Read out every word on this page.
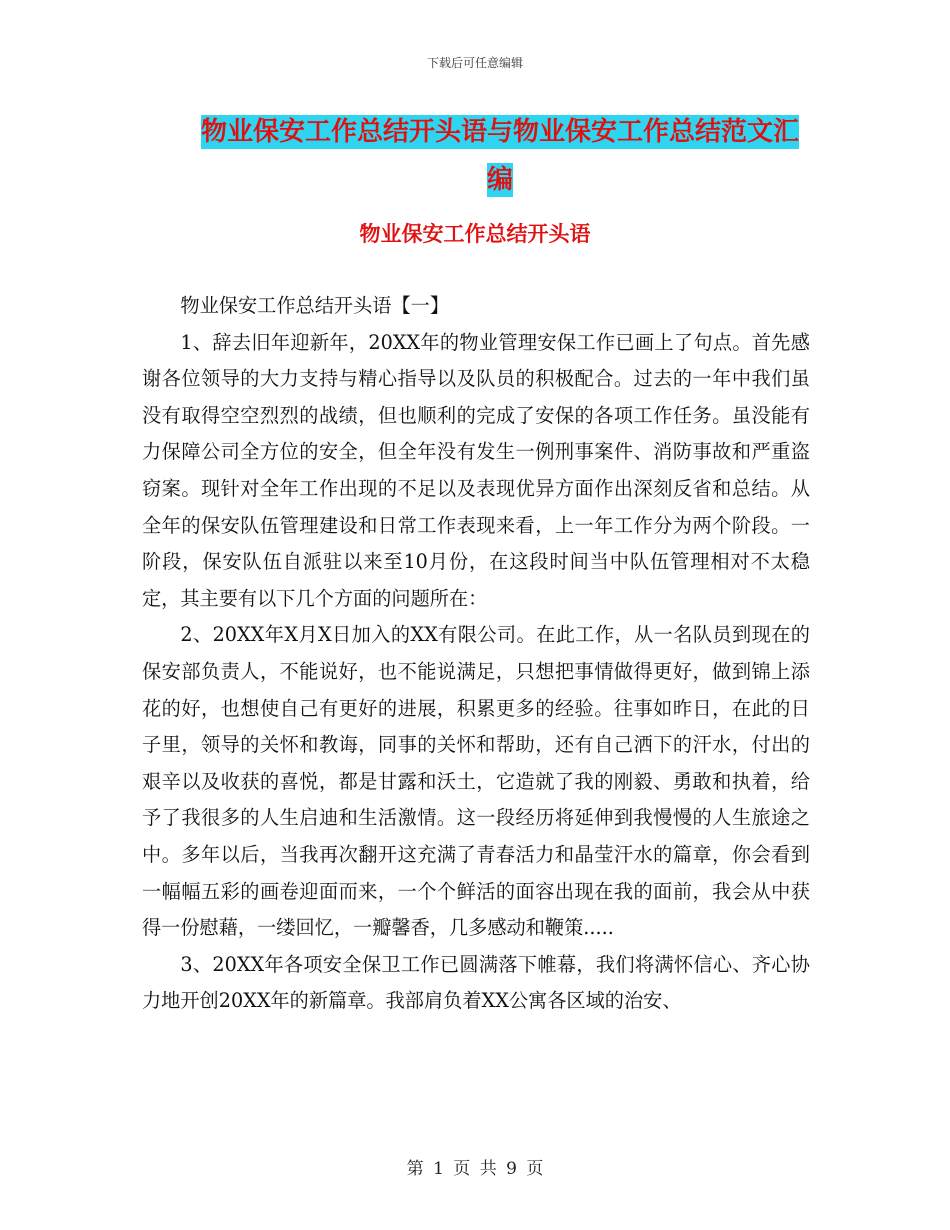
下载后可任意编辑
物业保安工作总结开头语与物业保安工作总结范文汇编
物业保安工作总结开头语

物业保安工作总结开头语【一】

1、辞去旧年迎新年，20XX年的物业管理安保工作已画上了句点。首先感谢各位领导的大力支持与精心指导以及队员的积极配合。过去的一年中我们虽没有取得空空烈烈的战绩，但也顺利的完成了安保的各项工作任务。虽没能有力保障公司全方位的安全，但全年没有发生一例刑事案件、消防事故和严重盗窃案。现针对全年工作出现的不足以及表现优异方面作出深刻反省和总结。从全年的保安队伍管理建设和日常工作表现来看，上一年工作分为两个阶段。一阶段，保安队伍自派驻以来至10月份，在这段时间当中队伍管理相对不太稳定，其主要有以下几个方面的问题所在：

2、20XX年X月X日加入的XX有限公司。在此工作，从一名队员到现在的保安部负责人，不能说好，也不能说满足，只想把事情做得更好，做到锦上添花的好，也想使自己有更好的进展，积累更多的经验。往事如昨日，在此的日子里，领导的关怀和教诲，同事的关怀和帮助，还有自己洒下的汗水，付出的艰辛以及收获的喜悦，都是甘露和沃土，它造就了我的刚毅、勇敢和执着，给予了我很多的人生启迪和生活激情。这一段经历将延伸到我慢慢的人生旅途之中。多年以后，当我再次翻开这充满了青春活力和晶莹汗水的篇章，你会看到一幅幅五彩的画卷迎面而来，一个个鲜活的面容出现在我的面前，我会从中获得一份慰藉，一缕回忆，一瓣馨香，几多感动和鞭策.....

3、20XX年各项安全保卫工作已圆满落下帷幕，我们将满怀信心、齐心协力地开创20XX年的新篇章。我部肩负着XX公寓各区域的治安、

第 1 页 共 9 页
